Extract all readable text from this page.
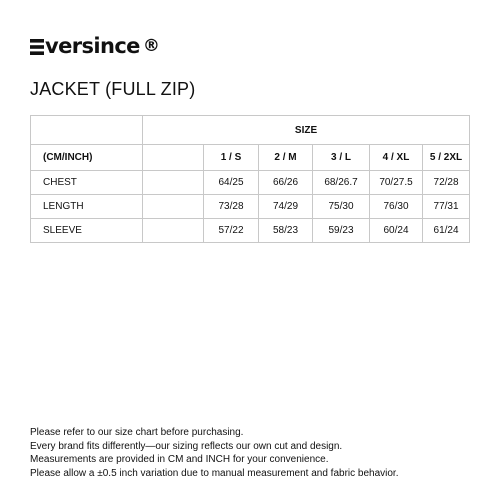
versince ®
JACKET (FULL ZIP)
	SIZE					
(CM/INCH)		1 / S	2 / M	3 / L	4 / XL	5 / 2XL
CHEST		64/25	66/26	68/26.7	70/27.5	72/28
LENGTH		73/28	74/29	75/30	76/30	77/31
SLEEVE		57/22	58/23	59/23	60/24	61/24
Please refer to our size chart before purchasing.
Every brand fits differently—our sizing reflects our own cut and design.
Measurements are provided in CM and INCH for your convenience.
Please allow a ±0.5 inch variation due to manual measurement and fabric behavior.
